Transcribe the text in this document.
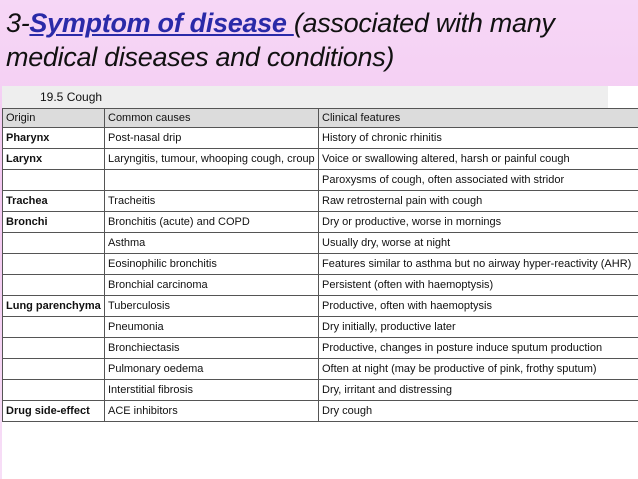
3-Symptom of disease (associated with many medical diseases and conditions)
19.5 Cough
Origin	Common causes	Clinical features
Pharynx	Post-nasal drip	History of chronic rhinitis
Larynx	Laryngitis, tumour, whooping cough, croup	Voice or swallowing altered, harsh or painful cough
		Paroxysms of cough, often associated with stridor
Trachea	Tracheitis	Raw retrosternal pain with cough
Bronchi	Bronchitis (acute) and COPD	Dry or productive, worse in mornings
	Asthma	Usually dry, worse at night
	Eosinophilic bronchitis	Features similar to asthma but no airway hyper-reactivity (AHR)
	Bronchial carcinoma	Persistent (often with haemoptysis)
Lung parenchyma	Tuberculosis	Productive, often with haemoptysis
	Pneumonia	Dry initially, productive later
	Bronchiectasis	Productive, changes in posture induce sputum production
	Pulmonary oedema	Often at night (may be productive of pink, frothy sputum)
	Interstitial fibrosis	Dry, irritant and distressing
Drug side-effect	ACE inhibitors	Dry cough
